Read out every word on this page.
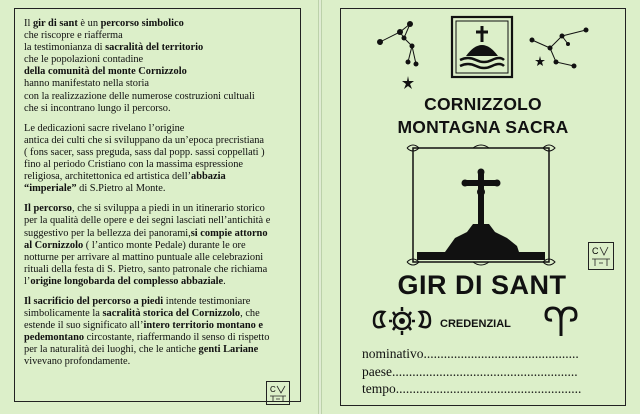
Il gir di sant è un percorso simbolico
che riscopre e riafferma
la testimonianza di sacralità del territorio
che le popolazioni contadine
della comunità del monte Cornizzolo
hanno manifestato nella storia
con la realizzazione delle numerose costruzioni cultuali
che si incontrano lungo il percorso.

Le dedicazioni sacre rivelano l’origine
antica dei culti che si sviluppano da un’epoca precristiana
( fons sacer, sass preguda, sass dal popp. sassi coppellati )
fino al periodo Cristiano con la massima espressione
religiosa, architettonica ed artistica dell’abbazia
“imperiale” di S.Pietro al Monte.

Il percorso, che si sviluppa a piedi in un itinerario storico
per la qualità delle opere e dei segni lasciati nell’antichità e
suggestivo per la bellezza dei panorami,si compie attorno
al Cornizzolo ( l’antico monte Pedale) durante le ore
notturne per arrivare al mattino puntuale alle celebrazioni
rituali della festa di S. Pietro, santo patronale che richiama
l’origine longobarda del complesso abbaziale.

Il sacrificio del percorso a piedi intende testimoniare
simbolicamente la sacralità storica del Cornizzolo, che
estende il suo significato all’intero territorio montano e
pedemontano circostante, riaffermando il senso di rispetto
per la naturalità dei luoghi, che le antiche genti Lariane
vivevano profondamente.

C
CORNIZZOLO
MONTAGNA SACRA
C
GIR DI SANT
CREDENZIAL
nominativo..............................................
paese.......................................................
tempo.......................................................
